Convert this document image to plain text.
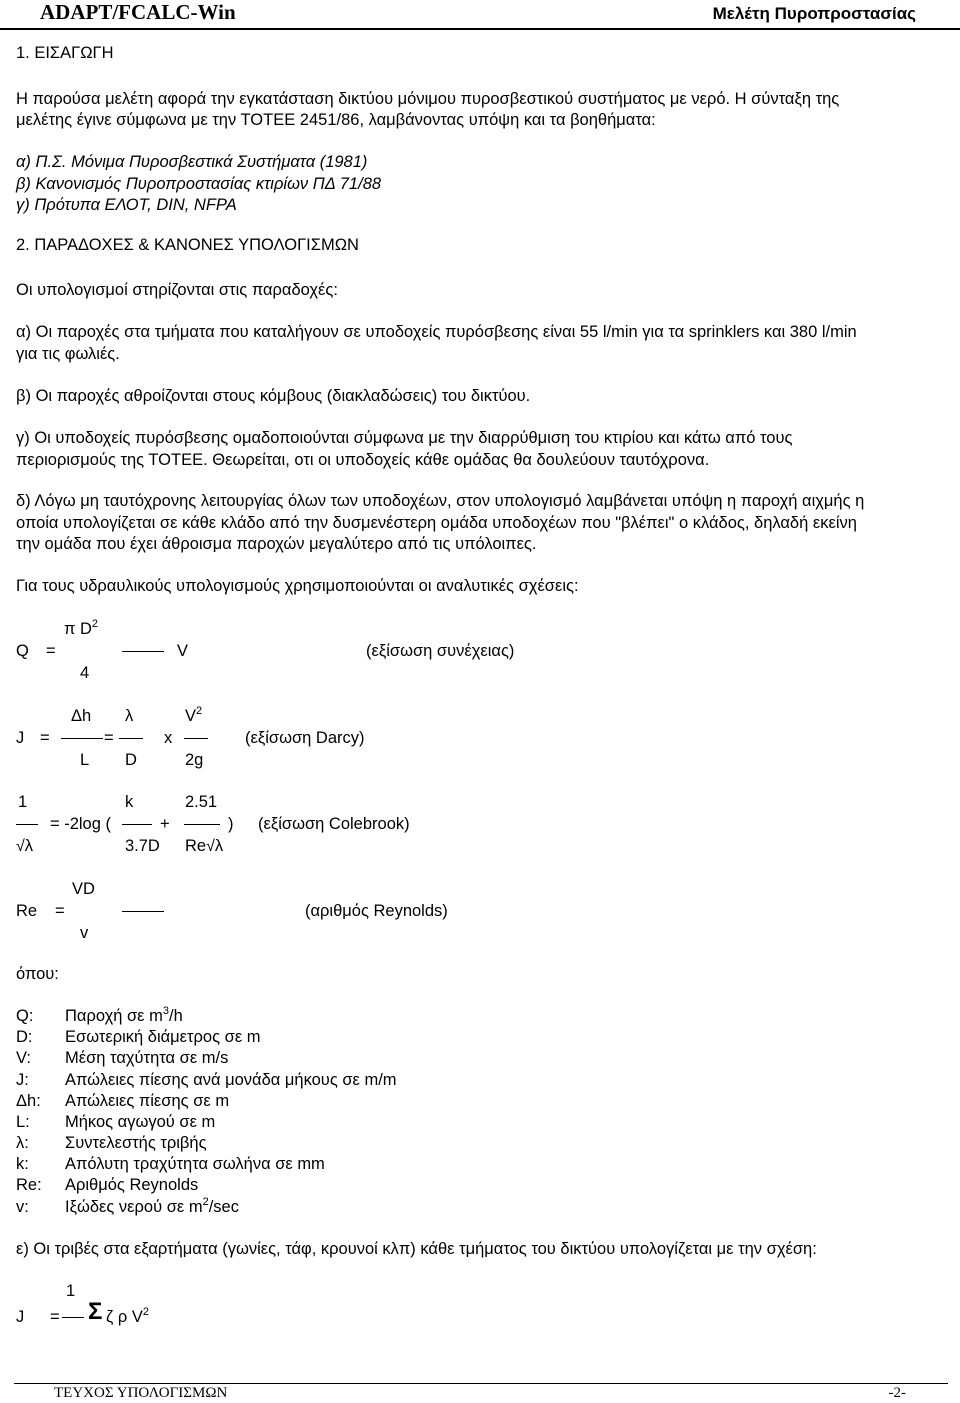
ADAPT/FCALC-Win	Μελέτη Πυροπροστασίας
1. ΕΙΣΑΓΩΓΗ
Η παρούσα μελέτη αφορά την εγκατάσταση δικτύου μόνιμου πυροσβεστικού συστήματος με νερό. Η σύνταξη της
μελέτης έγινε σύμφωνα με την ΤΟΤΕΕ 2451/86, λαμβάνοντας υπόψη και τα βοηθήματα:
α) Π.Σ. Μόνιμα Πυροσβεστικά Συστήματα (1981)
β) Κανονισμός Πυροπροστασίας κτιρίων ΠΔ 71/88
γ) Πρότυπα ΕΛΟΤ, DIN, NFPA
2. ΠΑΡΑΔΟΧΕΣ & ΚΑΝΟΝΕΣ ΥΠΟΛΟΓΙΣΜΩΝ
Οι υπολογισμοί στηρίζονται στις παραδοχές:
α) Οι παροχές στα τμήματα που καταλήγουν σε υποδοχείς πυρόσβεσης είναι 55 l/min για τα sprinklers και 380 l/min
για τις φωλιές.
β) Οι παροχές αθροίζονται στους κόμβους (διακλαδώσεις) του δικτύου.
γ) Οι υποδοχείς πυρόσβεσης ομαδοποιούνται σύμφωνα με την διαρρύθμιση του κτιρίου και κάτω από τους
περιορισμούς της ΤΟΤΕΕ. Θεωρείται, οτι οι υποδοχείς κάθε ομάδας θα δουλεύουν ταυτόχρονα.
δ) Λόγω μη ταυτόχρονης λειτουργίας όλων των υποδοχέων, στον υπολογισμό λαμβάνεται υπόψη η παροχή αιχμής η
οποία υπολογίζεται σε κάθε κλάδο από την δυσμενέστερη ομάδα υποδοχέων που "βλέπει" ο κλάδος, δηλαδή εκείνη
την ομάδα που έχει άθροισμα παροχών μεγαλύτερο από τις υπόλοιπες.
Για τους υδραυλικούς υπολογισμούς χρησιμοποιούνται οι αναλυτικές σχέσεις:
π $D^2$
Q =	V
4
(εξίσωση συνέχειας)
Δh λ	$V^2$
J =	=	x	(εξίσωση Darcy)
L D	2g
1	k	2.51
= -2log (	+	) (εξίσωση Colebrook)
√λ	3.7D Re√λ
VD
Re =	(αριθμός Reynolds)
v
όπου:
Q: Παροχή σε $m^3/h$
D: Εσωτερική διάμετρος σε m
V: Μέση ταχύτητα σε m/s
J: Απώλειες πίεσης ανά μονάδα μήκους σε m/m
Δh: Απώλειες πίεσης σε m
L: Μήκος αγωγού σε m
λ: Συντελεστής τριβής
k: Απόλυτη τραχύτητα σωλήνα σε mm
Re: Αριθμός Reynolds
v: Ιξώδες νερού σε $m^2/\sec$
ε) Οι τριβές στα εξαρτήματα (γωνίες, τάφ, κρουνοί κλπ) κάθε τμήματος του δικτύου υπολογίζεται με την σχέση:
1
J = Σ ζ ρ $V^2$
ΤΕΥΧΟΣ ΥΠΟΛΟΓΙΣΜΩΝ	-2-
